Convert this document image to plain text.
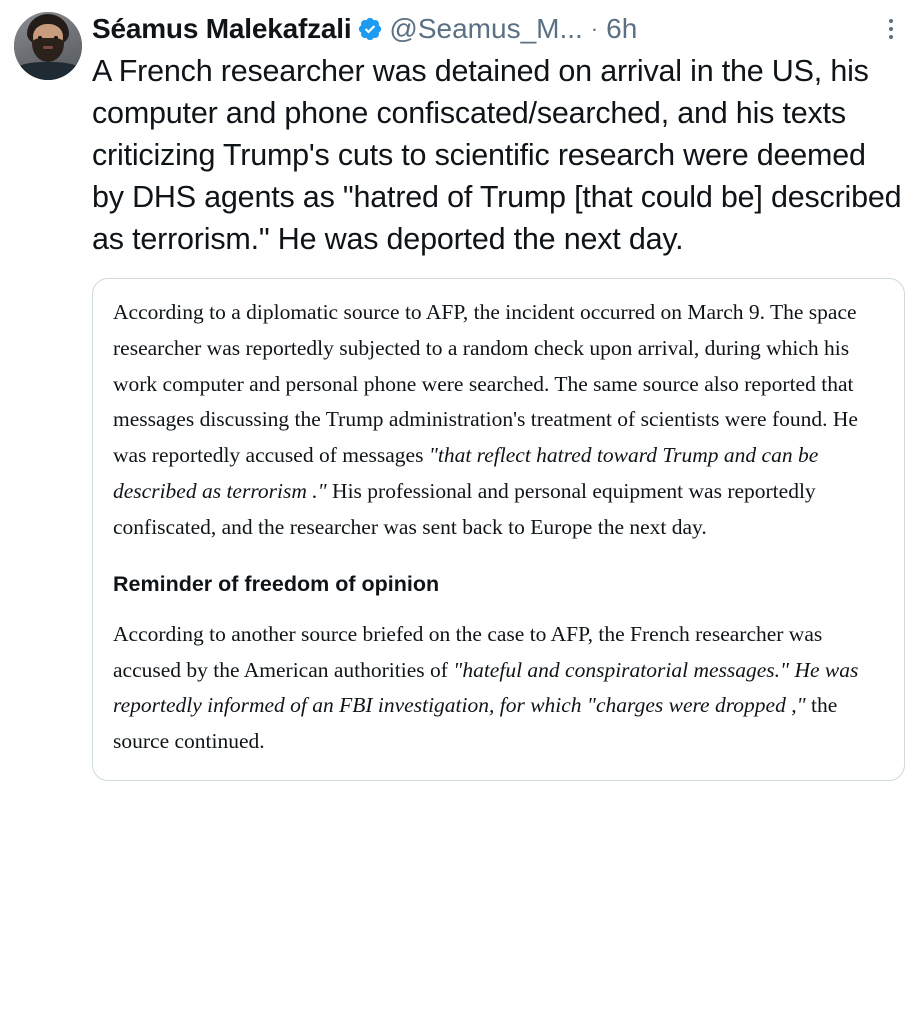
Séamus Malekafzali @Seamus_M... · 6h
A French researcher was detained on arrival in the US, his computer and phone confiscated/searched, and his texts criticizing Trump's cuts to scientific research were deemed by DHS agents as "hatred of Trump [that could be] described as terrorism." He was deported the next day.

According to a diplomatic source to AFP, the incident occurred on March 9. The space researcher was reportedly subjected to a random check upon arrival, during which his work computer and personal phone were searched. The same source also reported that messages discussing the Trump administration's treatment of scientists were found. He was reportedly accused of messages "that reflect hatred toward Trump and can be described as terrorism ." His professional and personal equipment was reportedly confiscated, and the researcher was sent back to Europe the next day.

Reminder of freedom of opinion

According to another source briefed on the case to AFP, the French researcher was accused by the American authorities of "hateful and conspiratorial messages." He was reportedly informed of an FBI investigation, for which "charges were dropped ," the source continued.
